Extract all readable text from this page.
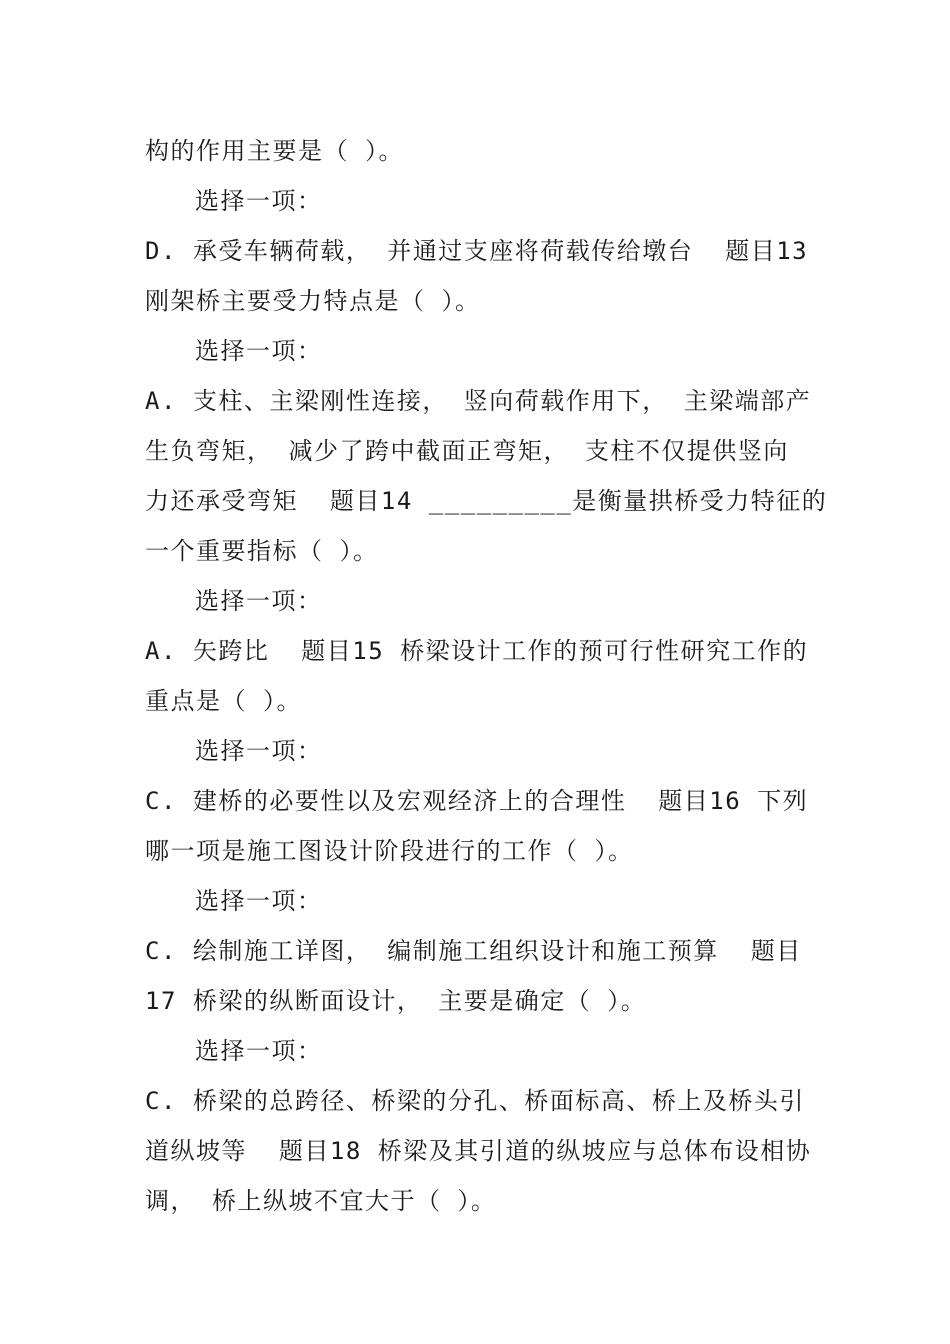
构的作用主要是（ ）。
选择一项：
D. 承受车辆荷载， 并通过支座将荷载传给墩台  题目13
刚架桥主要受力特点是（ ）。
选择一项：
A. 支柱、主梁刚性连接， 竖向荷载作用下， 主梁端部产
生负弯矩， 减少了跨中截面正弯矩， 支柱不仅提供竖向
力还承受弯矩  题目14 _________是衡量拱桥受力特征的
一个重要指标（ ）。
选择一项：
A. 矢跨比  题目15 桥梁设计工作的预可行性研究工作的
重点是（ ）。
选择一项：
C. 建桥的必要性以及宏观经济上的合理性  题目16 下列
哪一项是施工图设计阶段进行的工作（ ）。
选择一项：
C. 绘制施工详图， 编制施工组织设计和施工预算  题目
17 桥梁的纵断面设计， 主要是确定（ ）。
选择一项：
C. 桥梁的总跨径、桥梁的分孔、桥面标高、桥上及桥头引
道纵坡等  题目18 桥梁及其引道的纵坡应与总体布设相协
调， 桥上纵坡不宜大于（ ）。
